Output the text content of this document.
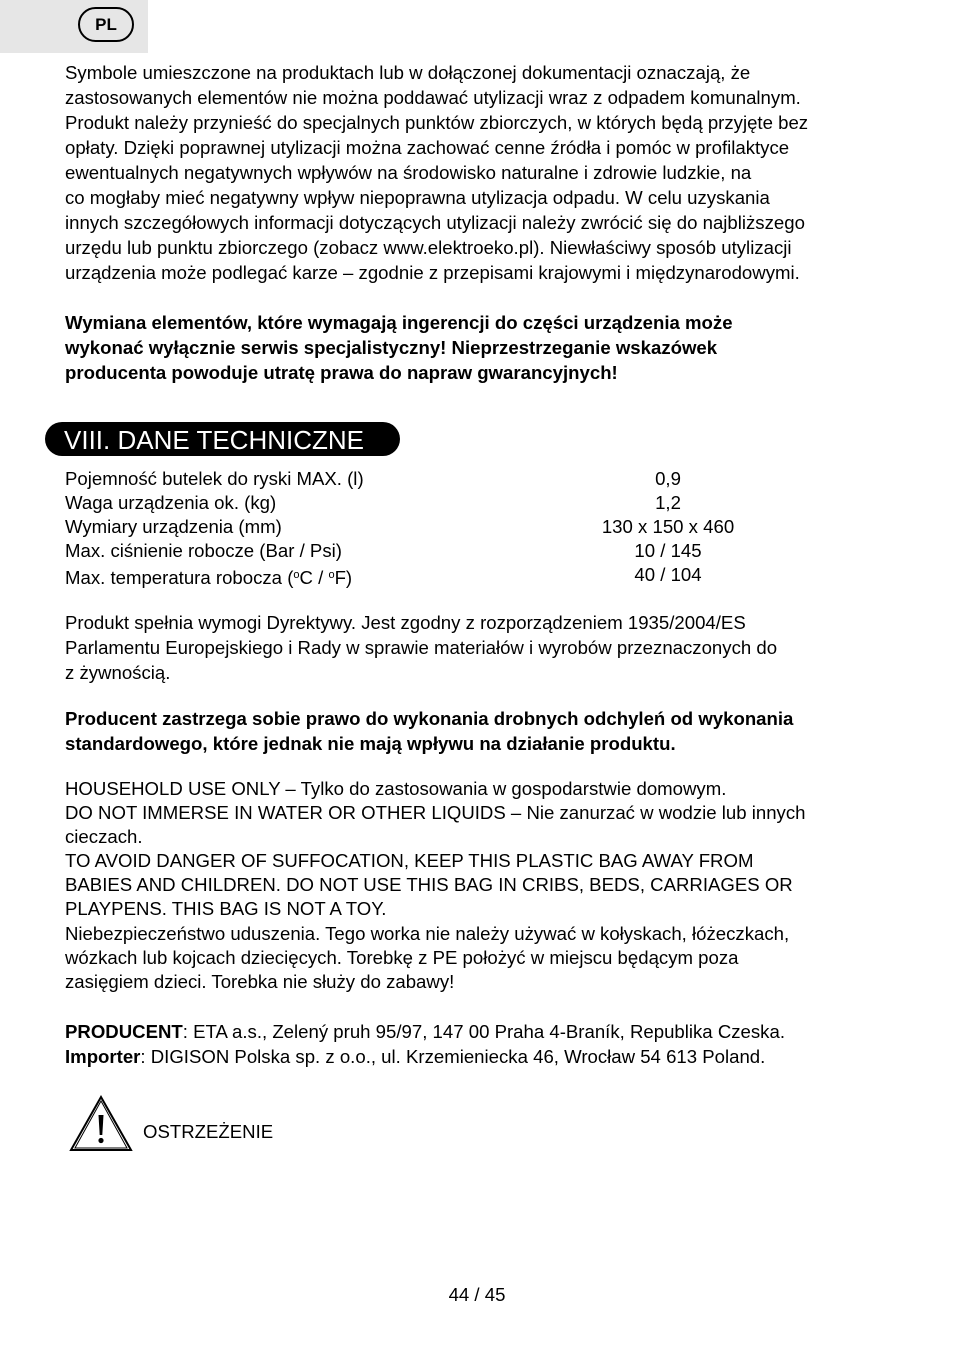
PL
Symbole umieszczone na produktach lub w dołączonej dokumentacji oznaczają, że
zastosowanych elementów nie można poddawać utylizacji wraz z odpadem komunalnym.
Produkt należy przynieść do specjalnych punktów zbiorczych, w których będą przyjęte bez
opłaty. Dzięki poprawnej utylizacji można zachować cenne źródła i pomóc w profilaktyce
ewentualnych negatywnych wpływów na środowisko naturalne i zdrowie ludzkie, na
co mogłaby mieć negatywny wpływ niepoprawna utylizacja odpadu. W celu uzyskania
innych szczegółowych informacji dotyczących utylizacji należy zwrócić się do najbliższego
urzędu lub punktu zbiorczego (zobacz www.elektroeko.pl). Niewłaściwy sposób utylizacji
urządzenia może podlegać karze – zgodnie z przepisami krajowymi i międzynarodowymi.
Wymiana elementów, które wymagają ingerencji do części urządzenia może
wykonać wyłącznie serwis specjalistyczny! Nieprzestrzeganie wskazówek
producenta powoduje utratę prawa do napraw gwarancyjnych!
VIII. DANE TECHNICZNE
Pojemność butelek do ryski MAX. (l)	0,9
Waga urządzenia ok. (kg)	1,2
Wymiary urządzenia (mm)	130 x 150 x 460
Max. ciśnienie robocze (Bar / Psi)	10 / 145
Max. temperatura robocza ($^o$C / $^o$F)	40 / 104
Produkt spełnia wymogi Dyrektywy. Jest zgodny z rozporządzeniem 1935/2004/ES
Parlamentu Europejskiego i Rady w sprawie materiałów i wyrobów przeznaczonych do
z żywnością.
Producent zastrzega sobie prawo do wykonania drobnych odchyleń od wykonania
standardowego, które jednak nie mają wpływu na działanie produktu.
HOUSEHOLD USE ONLY – Tylko do zastosowania w gospodarstwie domowym.
DO NOT IMMERSE IN WATER OR OTHER LIQUIDS – Nie zanurzać w wodzie lub innych
cieczach.
TO AVOID DANGER OF SUFFOCATION, KEEP THIS PLASTIC BAG AWAY FROM
BABIES AND CHILDREN. DO NOT USE THIS BAG IN CRIBS, BEDS, CARRIAGES OR
PLAYPENS. THIS BAG IS NOT A TOY.
Niebezpieczeństwo uduszenia. Tego worka nie należy używać w kołyskach, łóżeczkach,
wózkach lub kojcach dziecięcych. Torebkę z PE położyć w miejscu będącym poza
zasięgiem dzieci. Torebka nie służy do zabawy!
PRODUCENT: ETA a.s., Zelený pruh 95/97, 147 00 Praha 4-Braník, Republika Czeska.
Importer: DIGISON Polska sp. z o.o., ul. Krzemieniecka 46, Wrocław 54 613 Poland.
OSTRZEŻENIE
44 / 45
